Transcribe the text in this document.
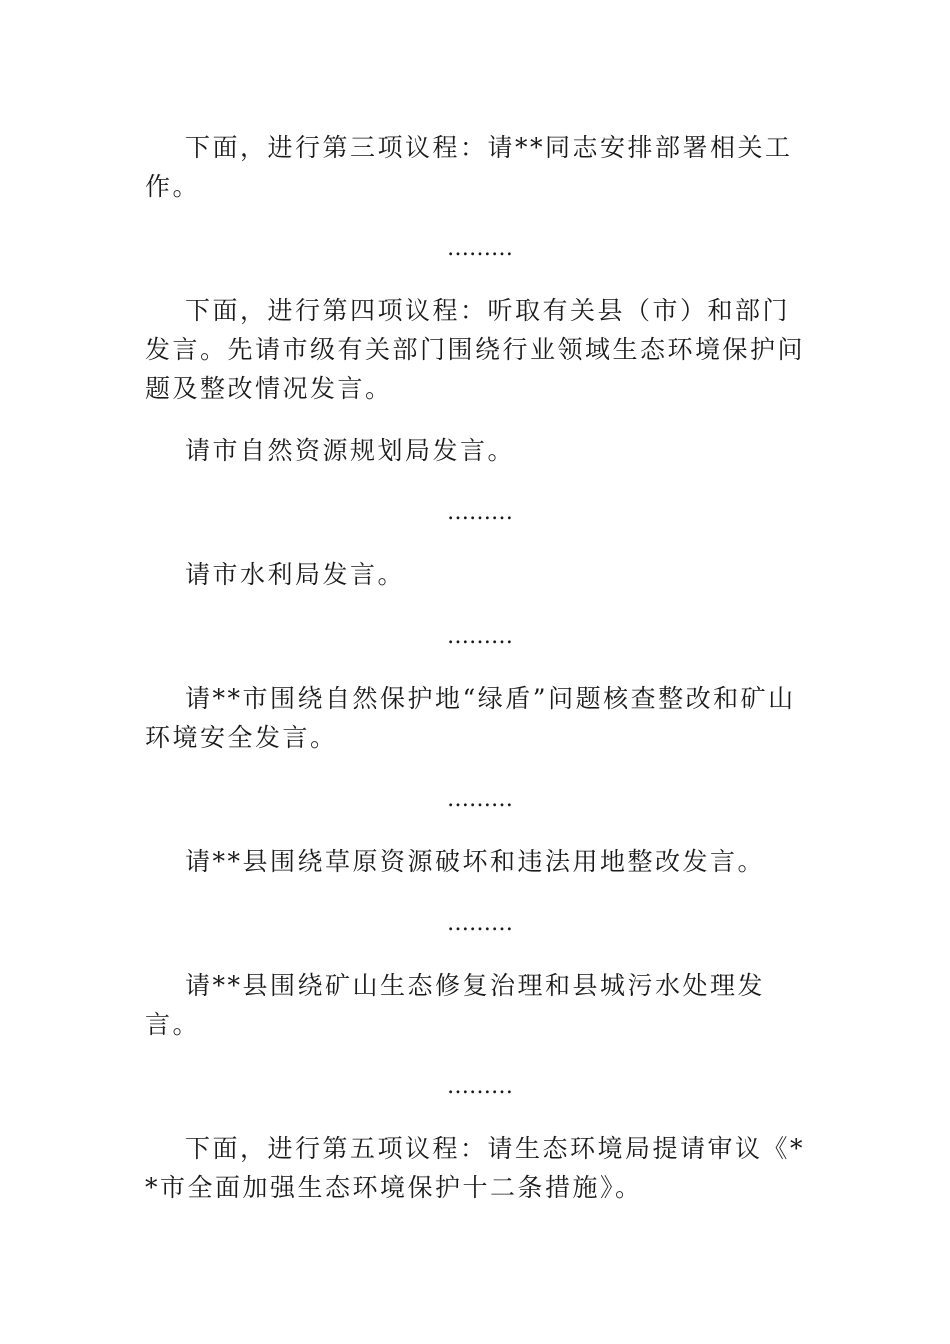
下面，进行第三项议程：请**同志安排部署相关工作。

………

下面，进行第四项议程：听取有关县（市）和部门发言。先请市级有关部门围绕行业领域生态环境保护问题及整改情况发言。

请市自然资源规划局发言。

………

请市水利局发言。

………

请**市围绕自然保护地“绿盾”问题核查整改和矿山环境安全发言。

………

请**县围绕草原资源破坏和违法用地整改发言。

………

请**县围绕矿山生态修复治理和县城污水处理发言。

………

下面，进行第五项议程：请生态环境局提请审议《**市全面加强生态环境保护十二条措施》。
